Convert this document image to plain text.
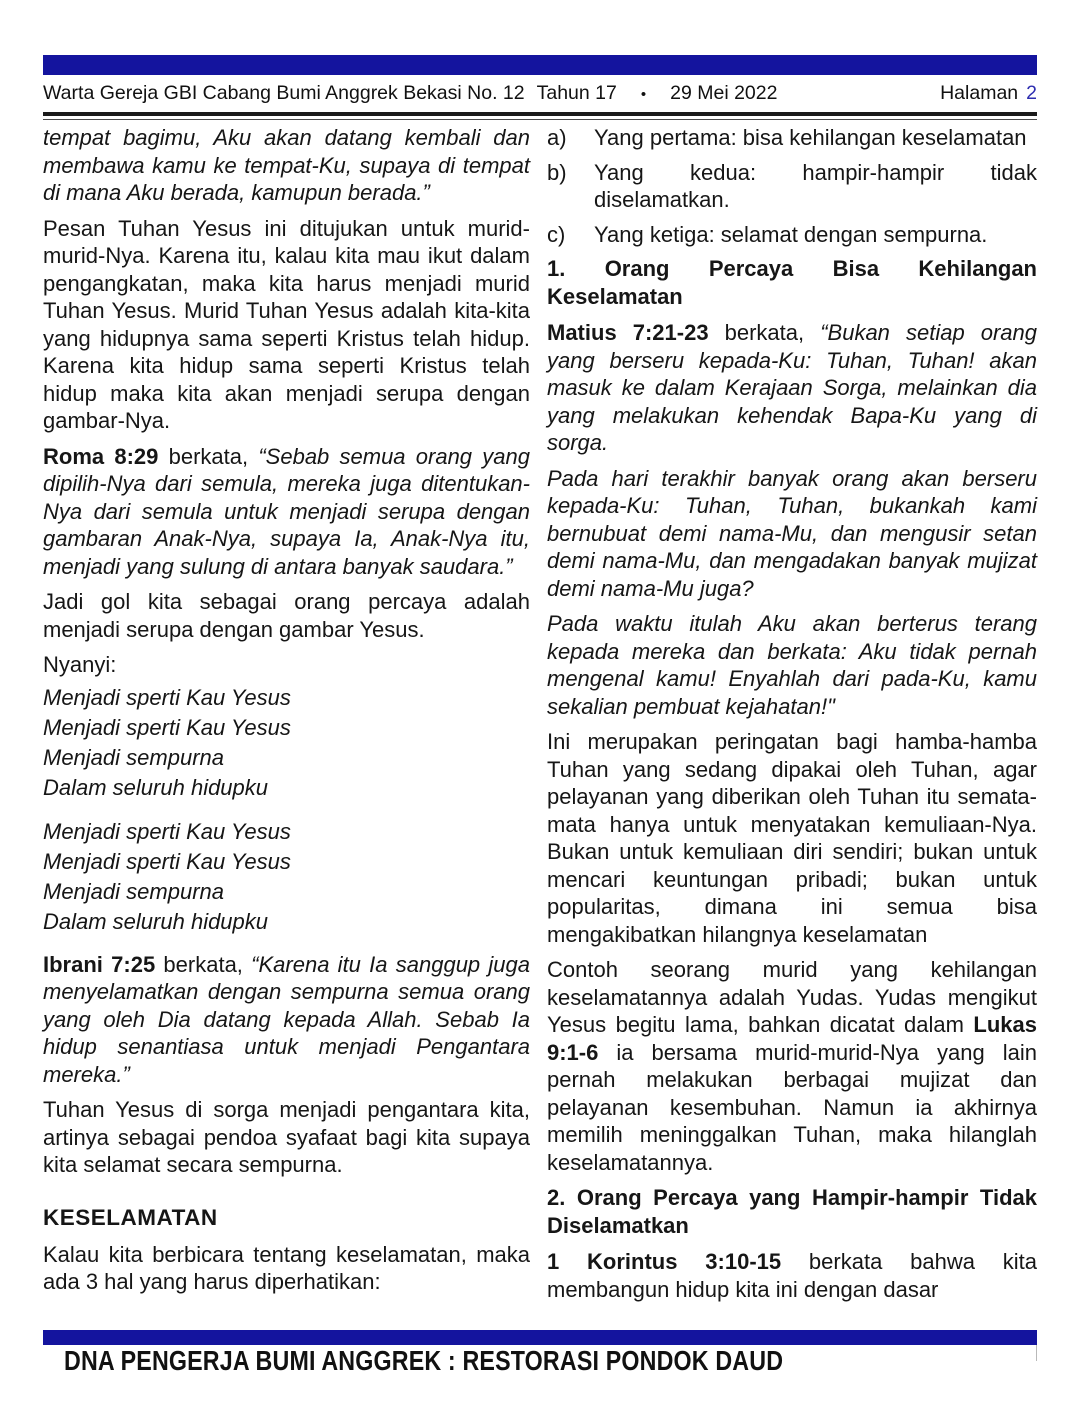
Warta Gereja GBI Cabang Bumi Anggrek Bekasi No. 12 Tahun 17 • 29 Mei 2022	Halaman 2

tempat bagimu, Aku akan datang kembali dan membawa kamu ke tempat-Ku, supaya di tempat di mana Aku berada, kamupun berada.”

Pesan Tuhan Yesus ini ditujukan untuk murid-murid-Nya. Karena itu, kalau kita mau ikut dalam pengangkatan, maka kita harus menjadi murid Tuhan Yesus. Murid Tuhan Yesus adalah kita-kita yang hidupnya sama seperti Kristus telah hidup. Karena kita hidup sama seperti Kristus telah hidup maka kita akan menjadi serupa dengan gambar-Nya.

Roma 8:29 berkata, “Sebab semua orang yang dipilih-Nya dari semula, mereka juga ditentukan-Nya dari semula untuk menjadi serupa dengan gambaran Anak-Nya, supaya Ia, Anak-Nya itu, menjadi yang sulung di antara banyak saudara.”

Jadi gol kita sebagai orang percaya adalah menjadi serupa dengan gambar Yesus.

Nyanyi:

Menjadi sperti Kau Yesus

Menjadi sperti Kau Yesus

Menjadi sempurna

Dalam seluruh hidupku

Menjadi sperti Kau Yesus

Menjadi sperti Kau Yesus

Menjadi sempurna

Dalam seluruh hidupku

Ibrani 7:25 berkata, “Karena itu Ia sanggup juga menyelamatkan dengan sempurna semua orang yang oleh Dia datang kepada Allah. Sebab Ia hidup senantiasa untuk menjadi Pengantara mereka.”

Tuhan Yesus di sorga menjadi pengantara kita, artinya sebagai pendoa syafaat bagi kita supaya kita selamat secara sempurna.

KESELAMATAN

Kalau kita berbicara tentang keselamatan, maka ada 3 hal yang harus diperhatikan:

a)	Yang pertama: bisa kehilangan keselamatan
b)	Yang kedua: hampir-hampir tidak diselamatkan.
c)	Yang ketiga: selamat dengan sempurna.
1. Orang Percaya Bisa Kehilangan Keselamatan

Matius 7:21-23 berkata, “Bukan setiap orang yang berseru kepada-Ku: Tuhan, Tuhan! akan masuk ke dalam Kerajaan Sorga, melainkan dia yang melakukan kehendak Bapa-Ku yang di sorga.

Pada hari terakhir banyak orang akan berseru kepada-Ku: Tuhan, Tuhan, bukankah kami bernubuat demi nama-Mu, dan mengusir setan demi nama-Mu, dan mengadakan banyak mujizat demi nama-Mu juga?

Pada waktu itulah Aku akan berterus terang kepada mereka dan berkata: Aku tidak pernah mengenal kamu! Enyahlah dari pada-Ku, kamu sekalian pembuat kejahatan!"

Ini merupakan peringatan bagi hamba-hamba Tuhan yang sedang dipakai oleh Tuhan, agar pelayanan yang diberikan oleh Tuhan itu semata-mata hanya untuk menyatakan kemuliaan-Nya. Bukan untuk kemuliaan diri sendiri; bukan untuk mencari keuntungan pribadi; bukan untuk popularitas, dimana ini semua bisa mengakibatkan hilangnya keselamatan

Contoh seorang murid yang kehilangan keselamatannya adalah Yudas. Yudas mengikut Yesus begitu lama, bahkan dicatat dalam Lukas 9:1-6 ia bersama murid-murid-Nya yang lain pernah melakukan berbagai mujizat dan pelayanan kesembuhan. Namun ia akhirnya memilih meninggalkan Tuhan, maka hilanglah keselamatannya.

2. Orang Percaya yang Hampir-hampir Tidak Diselamatkan

1 Korintus 3:10-15 berkata bahwa kita membangun hidup kita ini dengan dasar

DNA PENGERJA BUMI ANGGREK : RESTORASI PONDOK DAUD
